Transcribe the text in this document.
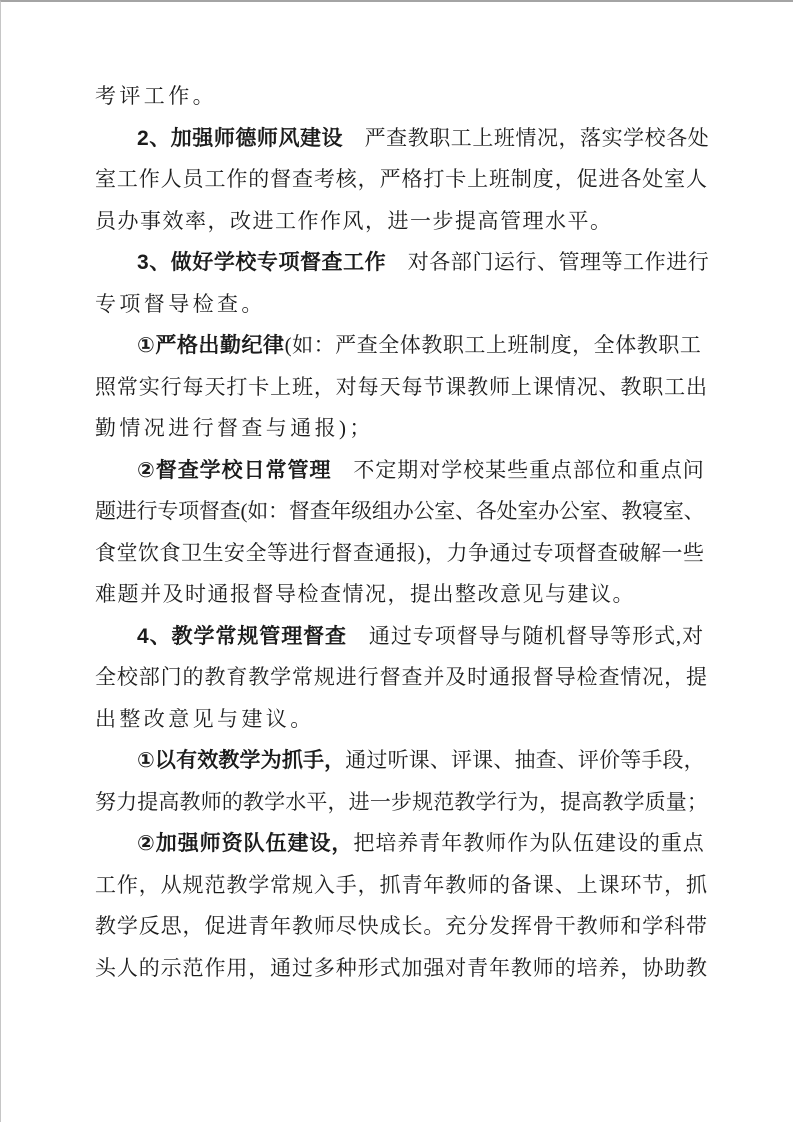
考评工作。
2、加强师德师风建设　严查教职工上班情况，落实学校各处
室工作人员工作的督查考核，严格打卡上班制度，促进各处室人
员办事效率，改进工作作风，进一步提高管理水平。
3、做好学校专项督查工作　对各部门运行、管理等工作进行
专项督导检查。
①严格出勤纪律(如：严查全体教职工上班制度，全体教职工
照常实行每天打卡上班，对每天每节课教师上课情况、教职工出
勤情况进行督查与通报)；
②督查学校日常管理　不定期对学校某些重点部位和重点问
题进行专项督查(如：督查年级组办公室、各处室办公室、教寝室、
食堂饮食卫生安全等进行督查通报)，力争通过专项督查破解一些
难题并及时通报督导检查情况，提出整改意见与建议。
4、教学常规管理督查　通过专项督导与随机督导等形式,对
全校部门的教育教学常规进行督查并及时通报督导检查情况，提
出整改意见与建议。
①以有效教学为抓手，通过听课、评课、抽查、评价等手段，
努力提高教师的教学水平，进一步规范教学行为，提高教学质量；
②加强师资队伍建设，把培养青年教师作为队伍建设的重点
工作，从规范教学常规入手，抓青年教师的备课、上课环节，抓
教学反思，促进青年教师尽快成长。充分发挥骨干教师和学科带
头人的示范作用，通过多种形式加强对青年教师的培养，协助教
